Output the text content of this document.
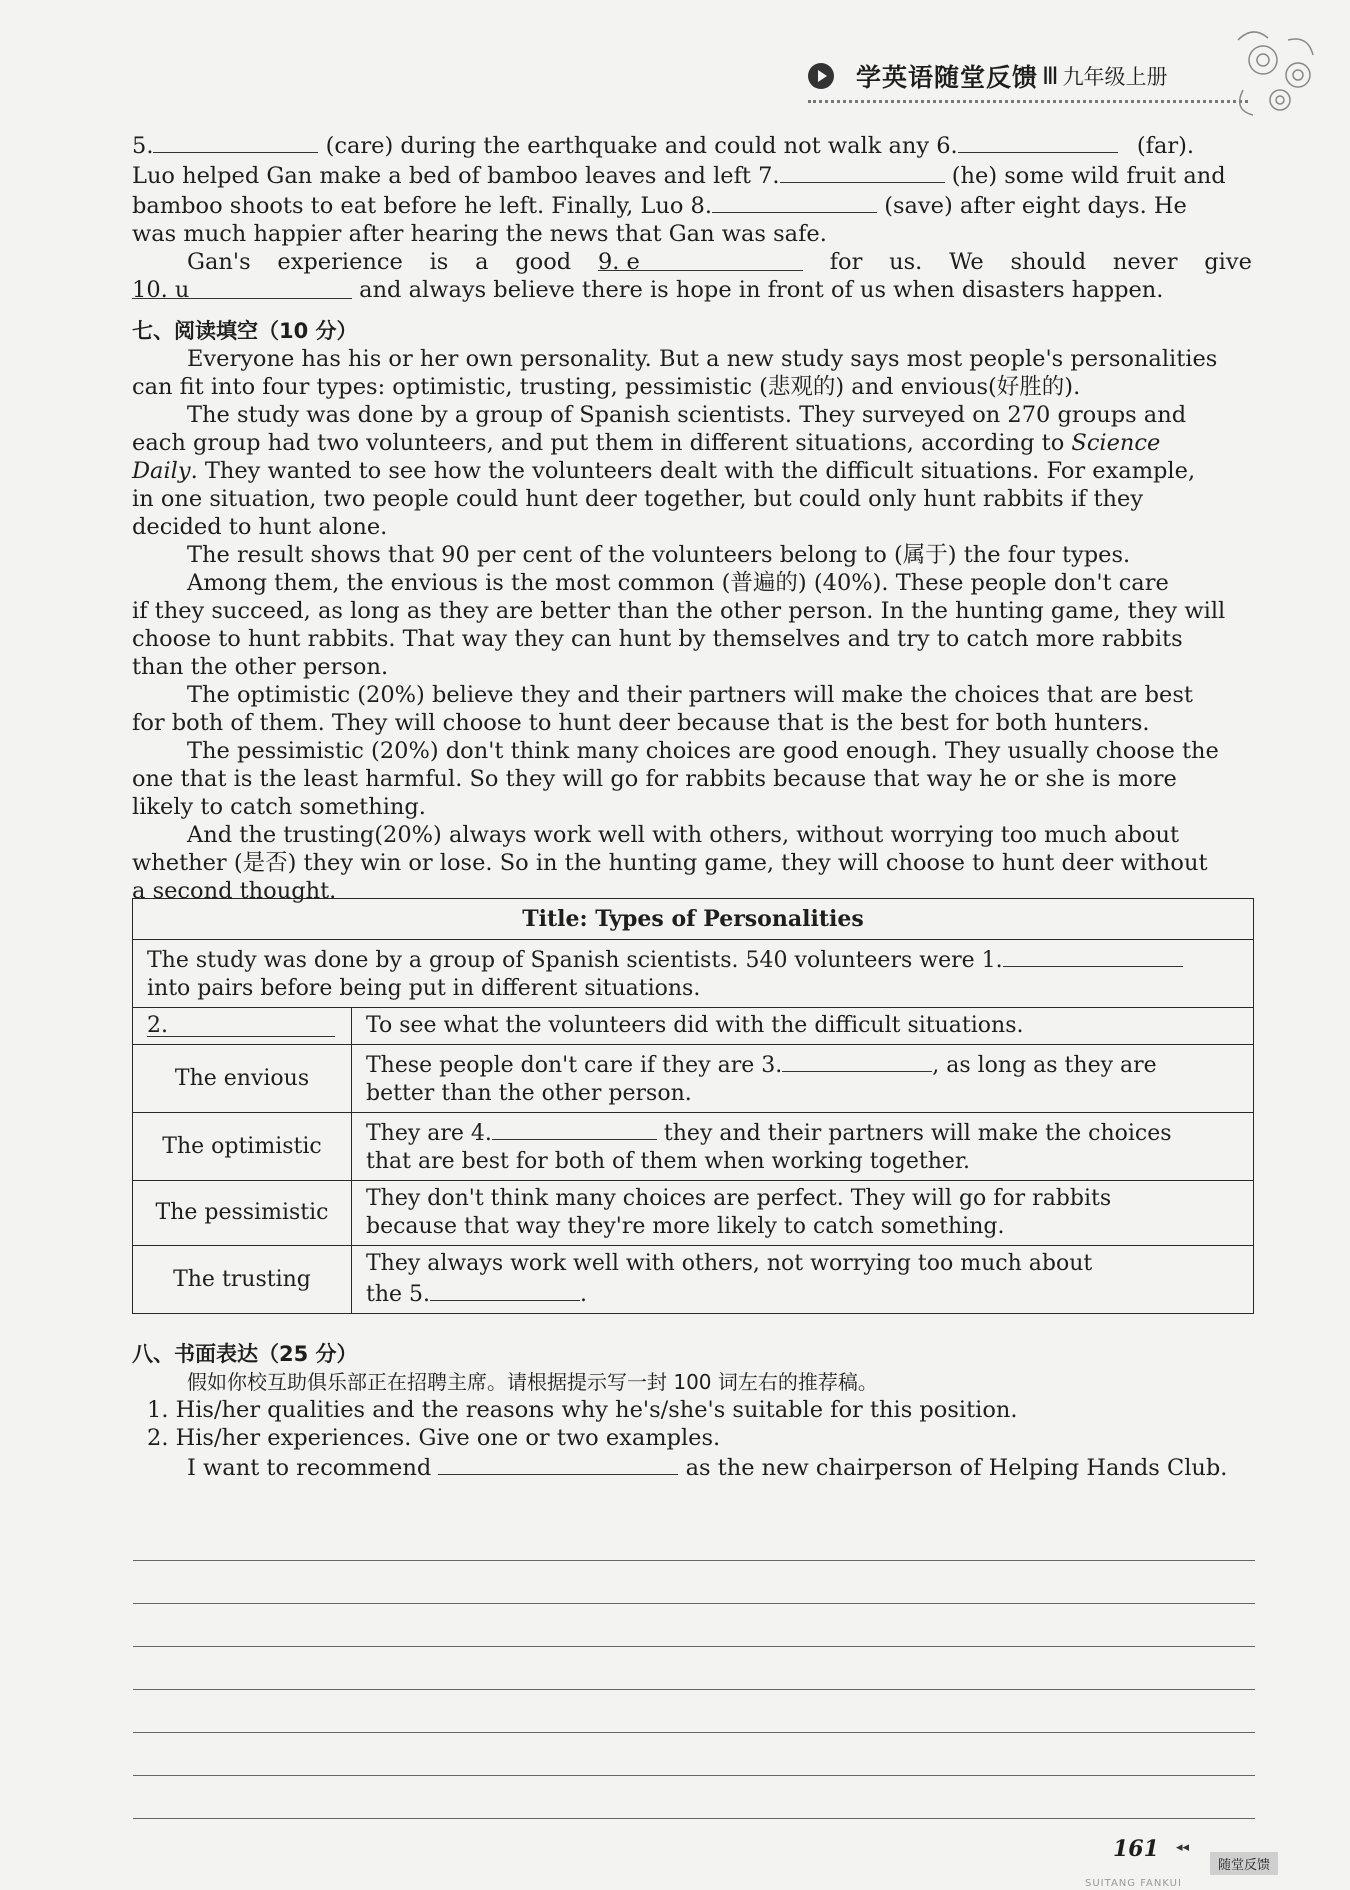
学英语随堂反馈 Ⅲ 九年级上册
5.	(care) during the earthquake and could not walk any 6.	(far).
Luo helped Gan make a bed of bamboo leaves and left 7.	(he) some wild fruit and
bamboo shoots to eat before he left. Finally, Luo 8.	(save) after eight days. He
was much happier after hearing the news that Gan was safe.
Gan's experience is a good 9. e	for us. We should never give
10. u	and always believe there is hope in front of us when disasters happen.
七、阅读填空（10 分）
Everyone has his or her own personality. But a new study says most people's personalities
can fit into four types: optimistic, trusting, pessimistic (悲观的) and envious(好胜的).
The study was done by a group of Spanish scientists. They surveyed on 270 groups and
each group had two volunteers, and put them in different situations, according to Science
Daily. They wanted to see how the volunteers dealt with the difficult situations. For example,
in one situation, two people could hunt deer together, but could only hunt rabbits if they
decided to hunt alone.
The result shows that 90 per cent of the volunteers belong to (属于) the four types.
Among them, the envious is the most common (普遍的) (40%). These people don't care
if they succeed, as long as they are better than the other person. In the hunting game, they will
choose to hunt rabbits. That way they can hunt by themselves and try to catch more rabbits
than the other person.
The optimistic (20%) believe they and their partners will make the choices that are best
for both of them. They will choose to hunt deer because that is the best for both hunters.
The pessimistic (20%) don't think many choices are good enough. They usually choose the
one that is the least harmful. So they will go for rabbits because that way he or she is more
likely to catch something.
And the trusting(20%) always work well with others, without worrying too much about
whether (是否) they win or lose. So in the hunting game, they will choose to hunt deer without
a second thought.
Title: Types of Personalities	

The study was done by a group of Spanish scientists. 540 volunteers were 1.
into pairs before being put in different situations.	

2.	To see what the volunteers did with the difficult situations.
The envious	These people don't care if they are 3. , as long as they are
better than the other person.

The optimistic	They are 4. they and their partners will make the choices
that are best for both of them when working together.

The pessimistic	They don't think many choices are perfect. They will go for rabbits
because that way they're more likely to catch something.

The trusting	They always work well with others, not worrying too much about
the 5. .
八、书面表达（25 分）
假如你校互助俱乐部正在招聘主席。请根据提示写一封 100 词左右的推荐稿。
1. His/her qualities and the reasons why he's/she's suitable for this position.
2. His/her experiences. Give one or two examples.
I want to recommend	as the new chairperson of Helping Hands Club.
161 ◂◂
随堂反馈
SUITANG FANKUI
